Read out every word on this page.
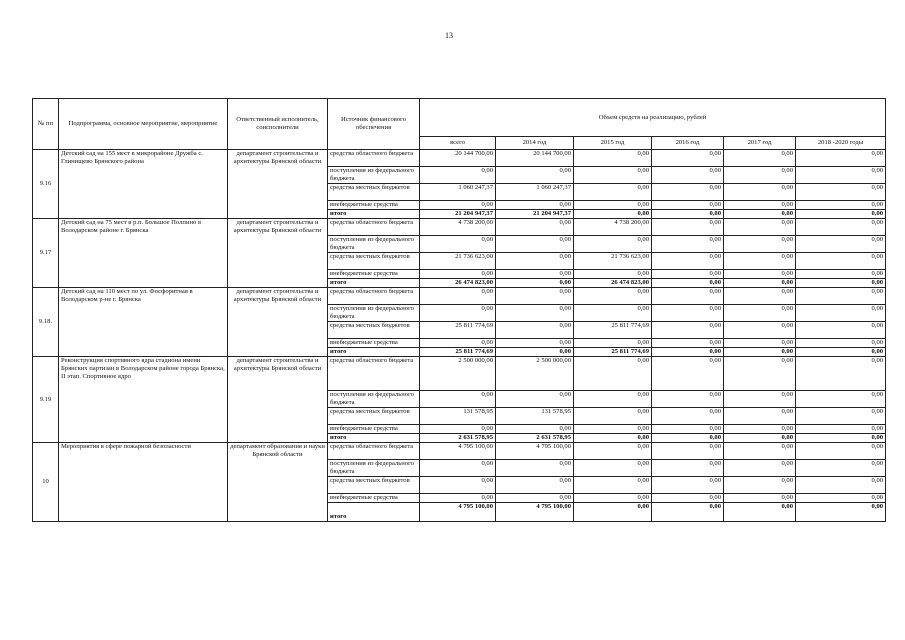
13
№ пп	Подпрограмма, основное мероприятие, мероприятие	Ответственный исполнитель, соисполнители	Источник финансового обеспечения	Объем средств на реализацию, рублей					
				всего	2014 год	2015 год	2016 год	2017 год	2018 -2020 годы
9.16	Детский сад на 155 мест в микрорайоне Дружба с. Глинищево Брянского района	департамент строительства и архитектуры Брянской области	средства областного бюджета	20 144 700,00	20 144 700,00	0,00	0,00	0,00	0,00
			поступления из федерального бюджета	0,00	0,00	0,00	0,00	0,00	0,00
			средства местных бюджетов	1 060 247,37	1 060 247,37	0,00	0,00	0,00	0,00
			внебюджетные средства	0,00	0,00	0,00	0,00	0,00	0,00
			итого	21 204 947,37	21 204 947,37	0,00	0,00	0,00	0,00
9.17	Детский сад на 75 мест в р.п. Большое Полпино в Володарском районе г. Брянска	департамент строительства и архитектуры Брянской области	средства областного бюджета	4 738 200,00	0,00	4 738 200,00	0,00	0,00	0,00
			поступления из федерального бюджета	0,00	0,00	0,00	0,00	0,00	0,00
			средства местных бюджетов	21 736 623,00	0,00	21 736 623,00	0,00	0,00	0,00
			внебюджетные средства	0,00	0,00	0,00	0,00	0,00	0,00
			итого	26 474 823,00	0,00	26 474 823,00	0,00	0,00	0,00
9.18.	Детский сад на 110 мест по ул. Фосфоритная в Володарском р-не г. Брянска	департамент строительства и архитектуры Брянской области	средства областного бюджета	0,00	0,00	0,00	0,00	0,00	0,00
			поступления из федерального бюджета	0,00	0,00	0,00	0,00	0,00	0,00
			средства местных бюджетов	25 811 774,69	0,00	25 811 774,69	0,00	0,00	0,00
			внебюджетные средства	0,00	0,00	0,00	0,00	0,00	0,00
			итого	25 811 774,69	0,00	25 811 774,69	0,00	0,00	0,00
9.19	Реконструкция спортивного ядра стадиона имени Брянских партизан в Володарском районе города Брянска, II этап. Спортивное ядро	департамент строительства и архитектуры Брянской области	средства областного бюджета	2 500 000,00	2 500 000,00	0,00	0,00	0,00	0,00
			поступления из федерального бюджета	0,00	0,00	0,00	0,00	0,00	0,00
			средства местных бюджетов	131 578,95	131 578,95	0,00	0,00	0,00	0,00
			внебюджетные средства	0,00	0,00	0,00	0,00	0,00	0,00
			итого	2 631 578,95	2 631 578,95	0,00	0,00	0,00	0,00
10	Мероприятия в сфере пожарной безопасности	департамент образования и науки Брянской области	средства областного бюджета	4 795 100,00	4 795 100,00	0,00	0,00	0,00	0,00
			поступления из федерального бюджета	0,00	0,00	0,00	0,00	0,00	0,00
			средства местных бюджетов	0,00	0,00	0,00	0,00	0,00	0,00
			внебюджетные средства	0,00	0,00	0,00	0,00	0,00	0,00
			итого	4 795 100,00	4 795 100,00	0,00	0,00	0,00	0,00
